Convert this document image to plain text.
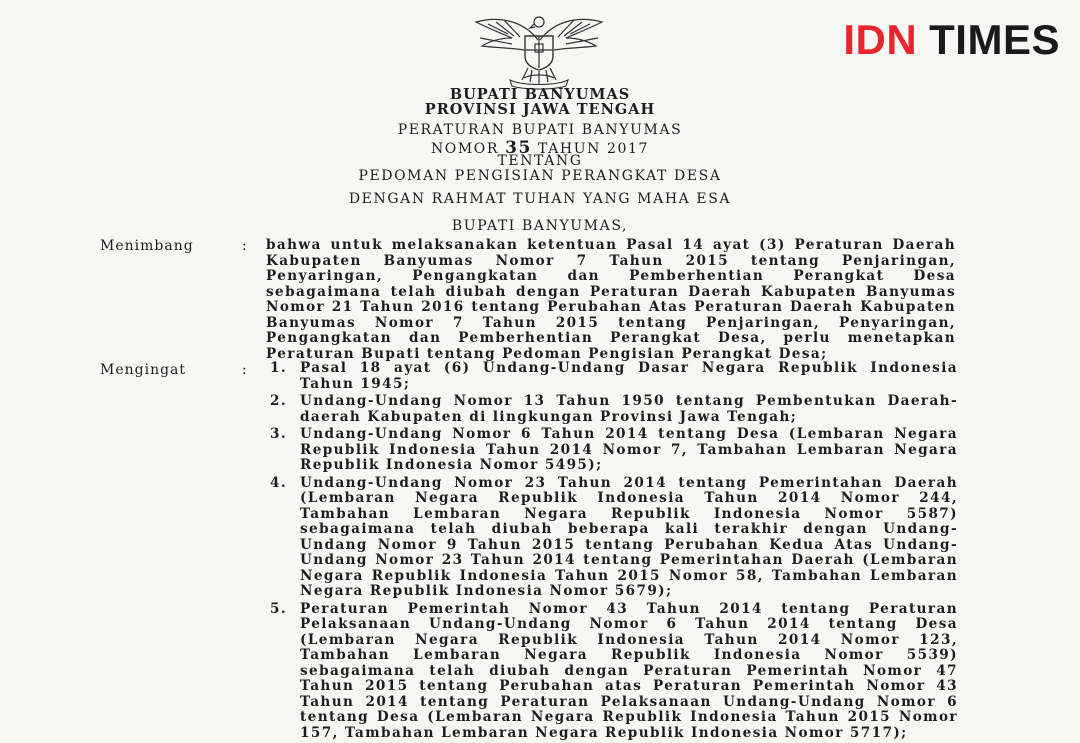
IDN TIMES
BUPATI BANYUMAS
PROVINSI JAWA TENGAH
PERATURAN BUPATI BANYUMAS
NOMOR 35 TAHUN 2017
TENTANG
PEDOMAN PENGISIAN PERANGKAT DESA
DENGAN RAHMAT TUHAN YANG MAHA ESA
BUPATI BANYUMAS,
Menimbang	: bahwa untuk melaksanakan ketentuan Pasal 14 ayat (3) Peraturan Daerah Kabupaten Banyumas Nomor 7 Tahun 2015 tentang Penjaringan, Penyaringan, Pengangkatan dan Pemberhentian Perangkat Desa sebagaimana telah diubah dengan Peraturan Daerah Kabupaten Banyumas Nomor 21 Tahun 2016 tentang Perubahan Atas Peraturan Daerah Kabupaten Banyumas Nomor 7 Tahun 2015 tentang Penjaringan, Penyaringan, Pengangkatan dan Pemberhentian Perangkat Desa, perlu menetapkan Peraturan Bupati tentang Pedoman Pengisian Perangkat Desa;
Mengingat	: 1. Pasal 18 ayat (6) Undang-Undang Dasar Negara Republik Indonesia Tahun 1945;
2. Undang-Undang Nomor 13 Tahun 1950 tentang Pembentukan Daerah-daerah Kabupaten di lingkungan Provinsi Jawa Tengah;
3. Undang-Undang Nomor 6 Tahun 2014 tentang Desa (Lembaran Negara Republik Indonesia Tahun 2014 Nomor 7, Tambahan Lembaran Negara Republik Indonesia Nomor 5495);
4. Undang-Undang Nomor 23 Tahun 2014 tentang Pemerintahan Daerah (Lembaran Negara Republik Indonesia Tahun 2014 Nomor 244, Tambahan Lembaran Negara Republik Indonesia Nomor 5587) sebagaimana telah diubah beberapa kali terakhir dengan Undang-Undang Nomor 9 Tahun 2015 tentang Perubahan Kedua Atas Undang-Undang Nomor 23 Tahun 2014 tentang Pemerintahan Daerah (Lembaran Negara Republik Indonesia Tahun 2015 Nomor 58, Tambahan Lembaran Negara Republik Indonesia Nomor 5679);
5. Peraturan Pemerintah Nomor 43 Tahun 2014 tentang Peraturan Pelaksanaan Undang-Undang Nomor 6 Tahun 2014 tentang Desa (Lembaran Negara Republik Indonesia Tahun 2014 Nomor 123, Tambahan Lembaran Negara Republik Indonesia Nomor 5539) sebagaimana telah diubah dengan Peraturan Pemerintah Nomor 47 Tahun 2015 tentang Perubahan atas Peraturan Pemerintah Nomor 43 Tahun 2014 tentang Peraturan Pelaksanaan Undang-Undang Nomor 6 tentang Desa (Lembaran Negara Republik Indonesia Tahun 2015 Nomor 157, Tambahan Lembaran Negara Republik Indonesia Nomor 5717);
